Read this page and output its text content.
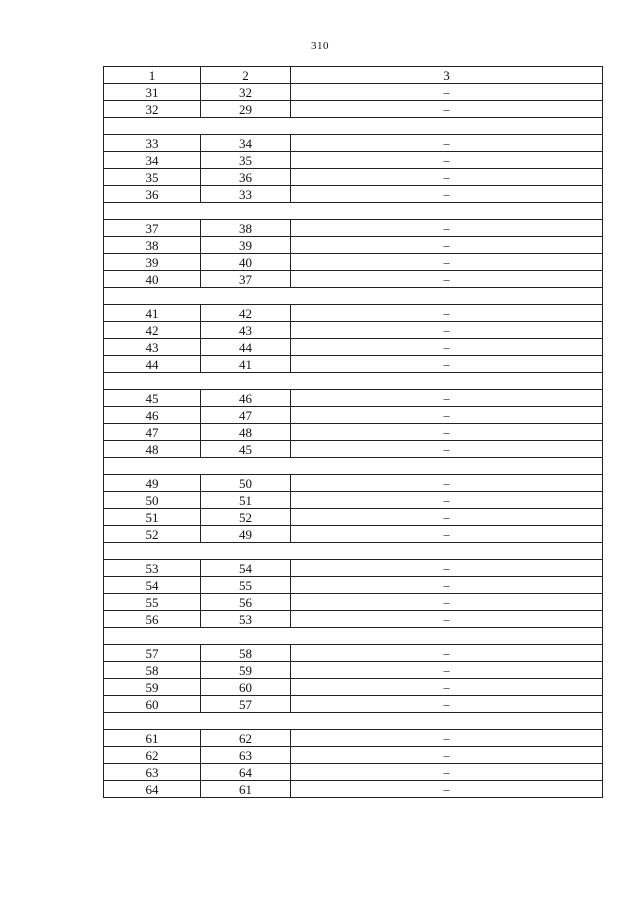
310
1	2	3
31	32	–
32	29	–

33	34	–
34	35	–
35	36	–
36	33	–

37	38	–
38	39	–
39	40	–
40	37	–

41	42	–
42	43	–
43	44	–
44	41	–

45	46	–
46	47	–
47	48	–
48	45	–

49	50	–
50	51	–
51	52	–
52	49	–

53	54	–
54	55	–
55	56	–
56	53	–

57	58	–
58	59	–
59	60	–
60	57	–

61	62	–
62	63	–
63	64	–
64	61	–
